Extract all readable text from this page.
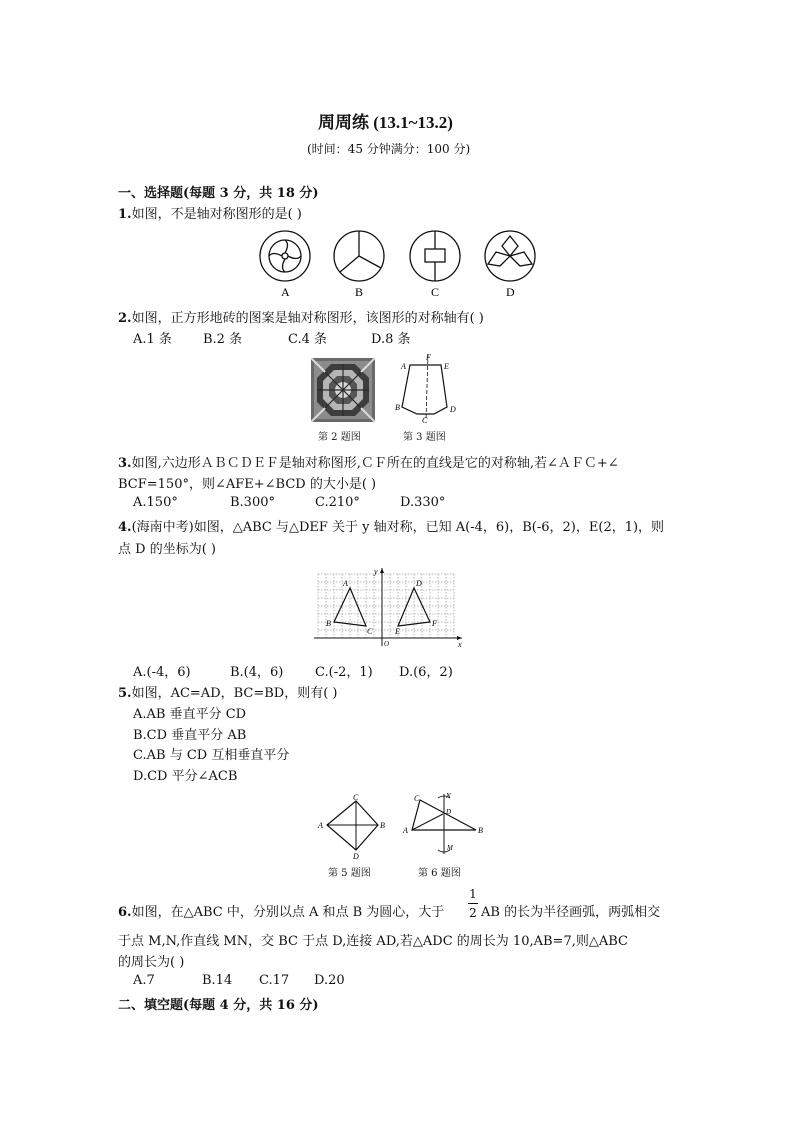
周周练 (13.1~13.2)
(时间：45 分钟满分：100 分)
一、选择题(每题 3 分，共 18 分)
1.如图，不是轴对称图形的是( )
A	B	C	D
2.如图，正方形地砖的图案是轴对称图形，该图形的对称轴有( )
A.1 条 B.2 条	C.4 条	D.8 条
第 2 题图
F
A	E
B
C
D
第 3 题图
3.如图,六边形ＡＢＣＤＥＦ是轴对称图形,ＣＦ所在的直线是它的对称轴,若∠ＡＦＣ+∠
BCF=150°，则∠AFE+∠BCD 的大小是( )
A.150°	B.300°	C.210°	D.330°
4.(海南中考)如图，△ABC 与△DEF 关于 y 轴对称，已知 A(-4，6)，B(-6，2)，E(2，1)，则
点 D 的坐标为( )
y
x
O
A
B
C
D
E
F
A.(-4，6)	B.(4，6) C.(-2，1) D.(6，2)
5.如图，AC=AD，BC=BD，则有( )
A.AB 垂直平分 CD
B.CD 垂直平分 AB
C.AB 与 CD 互相垂直平分
D.CD 平分∠ACB
C
A	B
D
第 5 题图
C	N
D
A	B
M
第 6 题图
6.如图，在△ABC 中，分别以点 A 和点 B 为圆心，大于
1
2 AB 的长为半径画弧，两弧相交
于点 M,N,作直线 MN，交 BC 于点 D,连接 AD,若△ADC 的周长为 10,AB=7,则△ABC
的周长为( )
A.7	B.14 C.17 D.20
二、填空题(每题 4 分，共 16 分)
